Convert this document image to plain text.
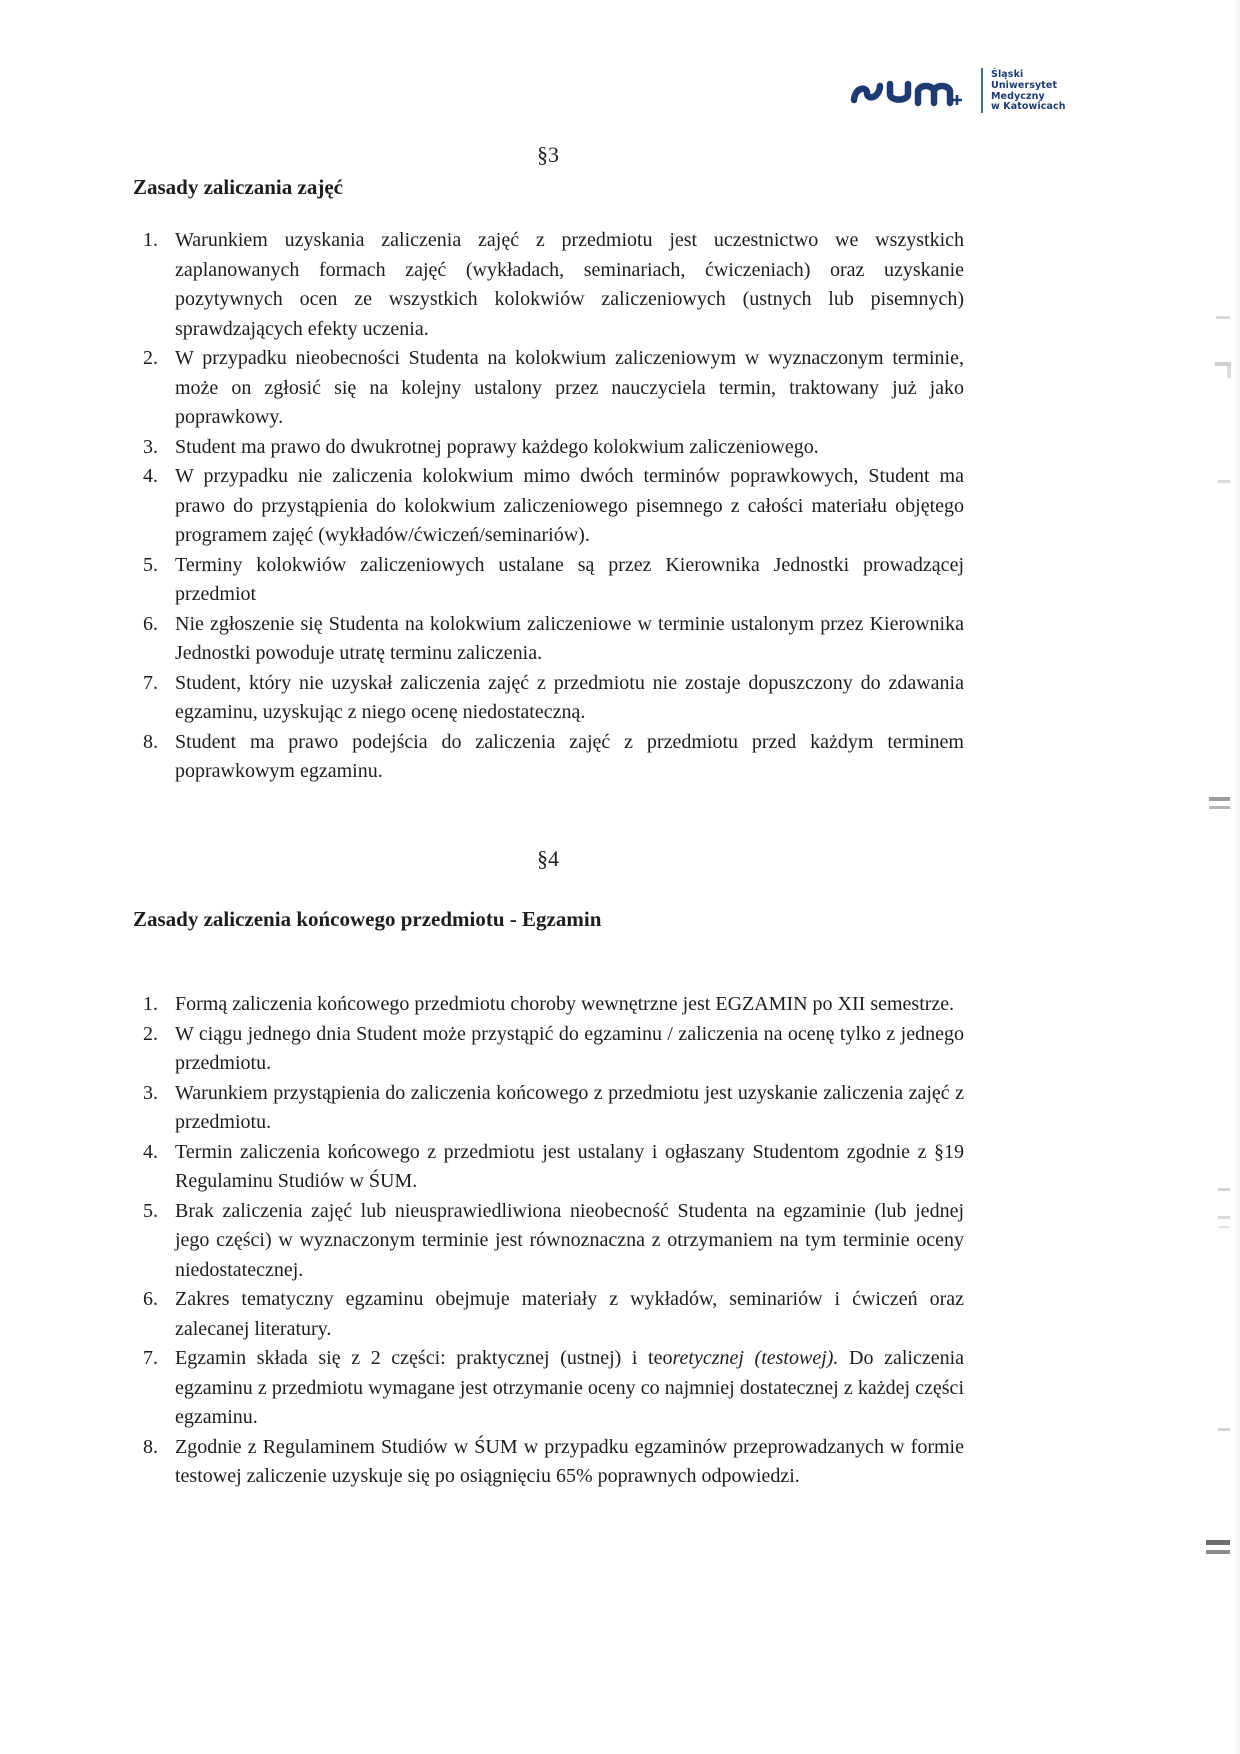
Śląski
Uniwersytet
Medyczny
w Katowicach
§3
Zasady zaliczania zajęć
1. Warunkiem uzyskania zaliczenia zajęć z przedmiotu jest uczestnictwo we wszystkich zaplanowanych formach zajęć (wykładach, seminariach, ćwiczeniach) oraz uzyskanie pozytywnych ocen ze wszystkich kolokwiów zaliczeniowych (ustnych lub pisemnych) sprawdzających efekty uczenia.
2. W przypadku nieobecności Studenta na kolokwium zaliczeniowym w wyznaczonym terminie, może on zgłosić się na kolejny ustalony przez nauczyciela termin, traktowany już jako poprawkowy.
3. Student ma prawo do dwukrotnej poprawy każdego kolokwium zaliczeniowego.
4. W przypadku nie zaliczenia kolokwium mimo dwóch terminów poprawkowych, Student ma prawo do przystąpienia do kolokwium zaliczeniowego pisemnego z całości materiału objętego programem zajęć (wykładów/ćwiczeń/seminariów).
5. Terminy kolokwiów zaliczeniowych ustalane są przez Kierownika Jednostki prowadzącej przedmiot
6. Nie zgłoszenie się Studenta na kolokwium zaliczeniowe w terminie ustalonym przez Kierownika Jednostki powoduje utratę terminu zaliczenia.
7. Student, który nie uzyskał zaliczenia zajęć z przedmiotu nie zostaje dopuszczony do zdawania egzaminu, uzyskując z niego ocenę niedostateczną.
8. Student ma prawo podejścia do zaliczenia zajęć z przedmiotu przed każdym terminem poprawkowym egzaminu.
§4
Zasady zaliczenia końcowego przedmiotu - Egzamin
1. Formą zaliczenia końcowego przedmiotu choroby wewnętrzne jest EGZAMIN po XII semestrze.
2. W ciągu jednego dnia Student może przystąpić do egzaminu / zaliczenia na ocenę tylko z jednego przedmiotu.
3. Warunkiem przystąpienia do zaliczenia końcowego z przedmiotu jest uzyskanie zaliczenia zajęć z przedmiotu.
4. Termin zaliczenia końcowego z przedmiotu jest ustalany i ogłaszany Studentom zgodnie z §19 Regulaminu Studiów w ŚUM.
5. Brak zaliczenia zajęć lub nieusprawiedliwiona nieobecność Studenta na egzaminie (lub jednej jego części) w wyznaczonym terminie jest równoznaczna z otrzymaniem na tym terminie oceny niedostatecznej.
6. Zakres tematyczny egzaminu obejmuje materiały z wykładów, seminariów i ćwiczeń oraz zalecanej literatury.
7. Egzamin składa się z 2 części: praktycznej (ustnej) i teoretycznej (testowej). Do zaliczenia egzaminu z przedmiotu wymagane jest otrzymanie oceny co najmniej dostatecznej z każdej części egzaminu.
8. Zgodnie z Regulaminem Studiów w ŚUM w przypadku egzaminów przeprowadzanych w formie testowej zaliczenie uzyskuje się po osiągnięciu 65% poprawnych odpowiedzi.
